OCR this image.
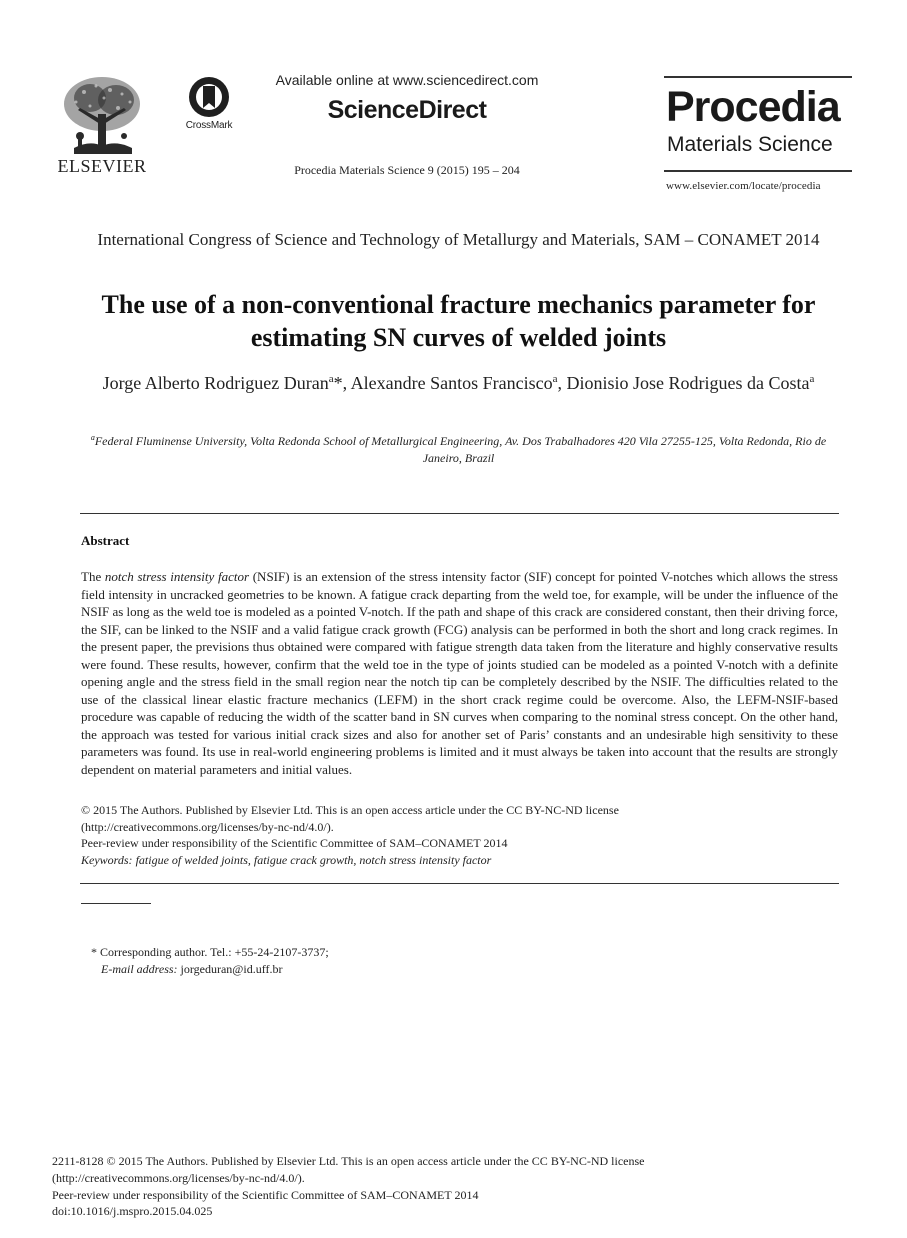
ELSEVIER
CrossMark
Available online at www.sciencedirect.com
ScienceDirect
Procedia Materials Science 9 (2015) 195 – 204
Procedia
Materials Science
www.elsevier.com/locate/procedia
International Congress of Science and Technology of Metallurgy and Materials, SAM – CONAMET 2014
The use of a non-conventional fracture mechanics parameter for estimating SN curves of welded joints
Jorge Alberto Rodriguez Duran$^a$*, Alexandre Santos Francisco$^a$, Dionisio Jose Rodrigues da Costa$^a$
$^a$Federal Fluminense University, Volta Redonda School of Metallurgical Engineering, Av. Dos Trabalhadores 420 Vila 27255-125, Volta Redonda, Rio de Janeiro, Brazil
Abstract
The notch stress intensity factor (NSIF) is an extension of the stress intensity factor (SIF) concept for pointed V-notches which allows the stress field intensity in uncracked geometries to be known. A fatigue crack departing from the weld toe, for example, will be under the influence of the NSIF as long as the weld toe is modeled as a pointed V-notch. If the path and shape of this crack are considered constant, then their driving force, the SIF, can be linked to the NSIF and a valid fatigue crack growth (FCG) analysis can be performed in both the short and long crack regimes. In the present paper, the previsions thus obtained were compared with fatigue strength data taken from the literature and highly conservative results were found. These results, however, confirm that the weld toe in the type of joints studied can be modeled as a pointed V-notch with a definite opening angle and the stress field in the small region near the notch tip can be completely described by the NSIF. The difficulties related to the use of the classical linear elastic fracture mechanics (LEFM) in the short crack regime could be overcome. Also, the LEFM-NSIF-based procedure was capable of reducing the width of the scatter band in SN curves when comparing to the nominal stress concept. On the other hand, the approach was tested for various initial crack sizes and also for another set of Paris’ constants and an undesirable high sensitivity to these parameters was found. Its use in real-world engineering problems is limited and it must always be taken into account that the results are strongly dependent on material parameters and initial values.
© 2015 The Authors. Published by Elsevier Ltd. This is an open access article under the CC BY-NC-ND license
(http://creativecommons.org/licenses/by-nc-nd/4.0/).
Peer-review under responsibility of the Scientific Committee of SAM–CONAMET 2014
Keywords: fatigue of welded joints, fatigue crack growth, notch stress intensity factor
* Corresponding author. Tel.: +55-24-2107-3737;
E-mail address: jorgeduran@id.uff.br
2211-8128 © 2015 The Authors. Published by Elsevier Ltd. This is an open access article under the CC BY-NC-ND license
(http://creativecommons.org/licenses/by-nc-nd/4.0/).
Peer-review under responsibility of the Scientific Committee of SAM–CONAMET 2014
doi:10.1016/j.mspro.2015.04.025
